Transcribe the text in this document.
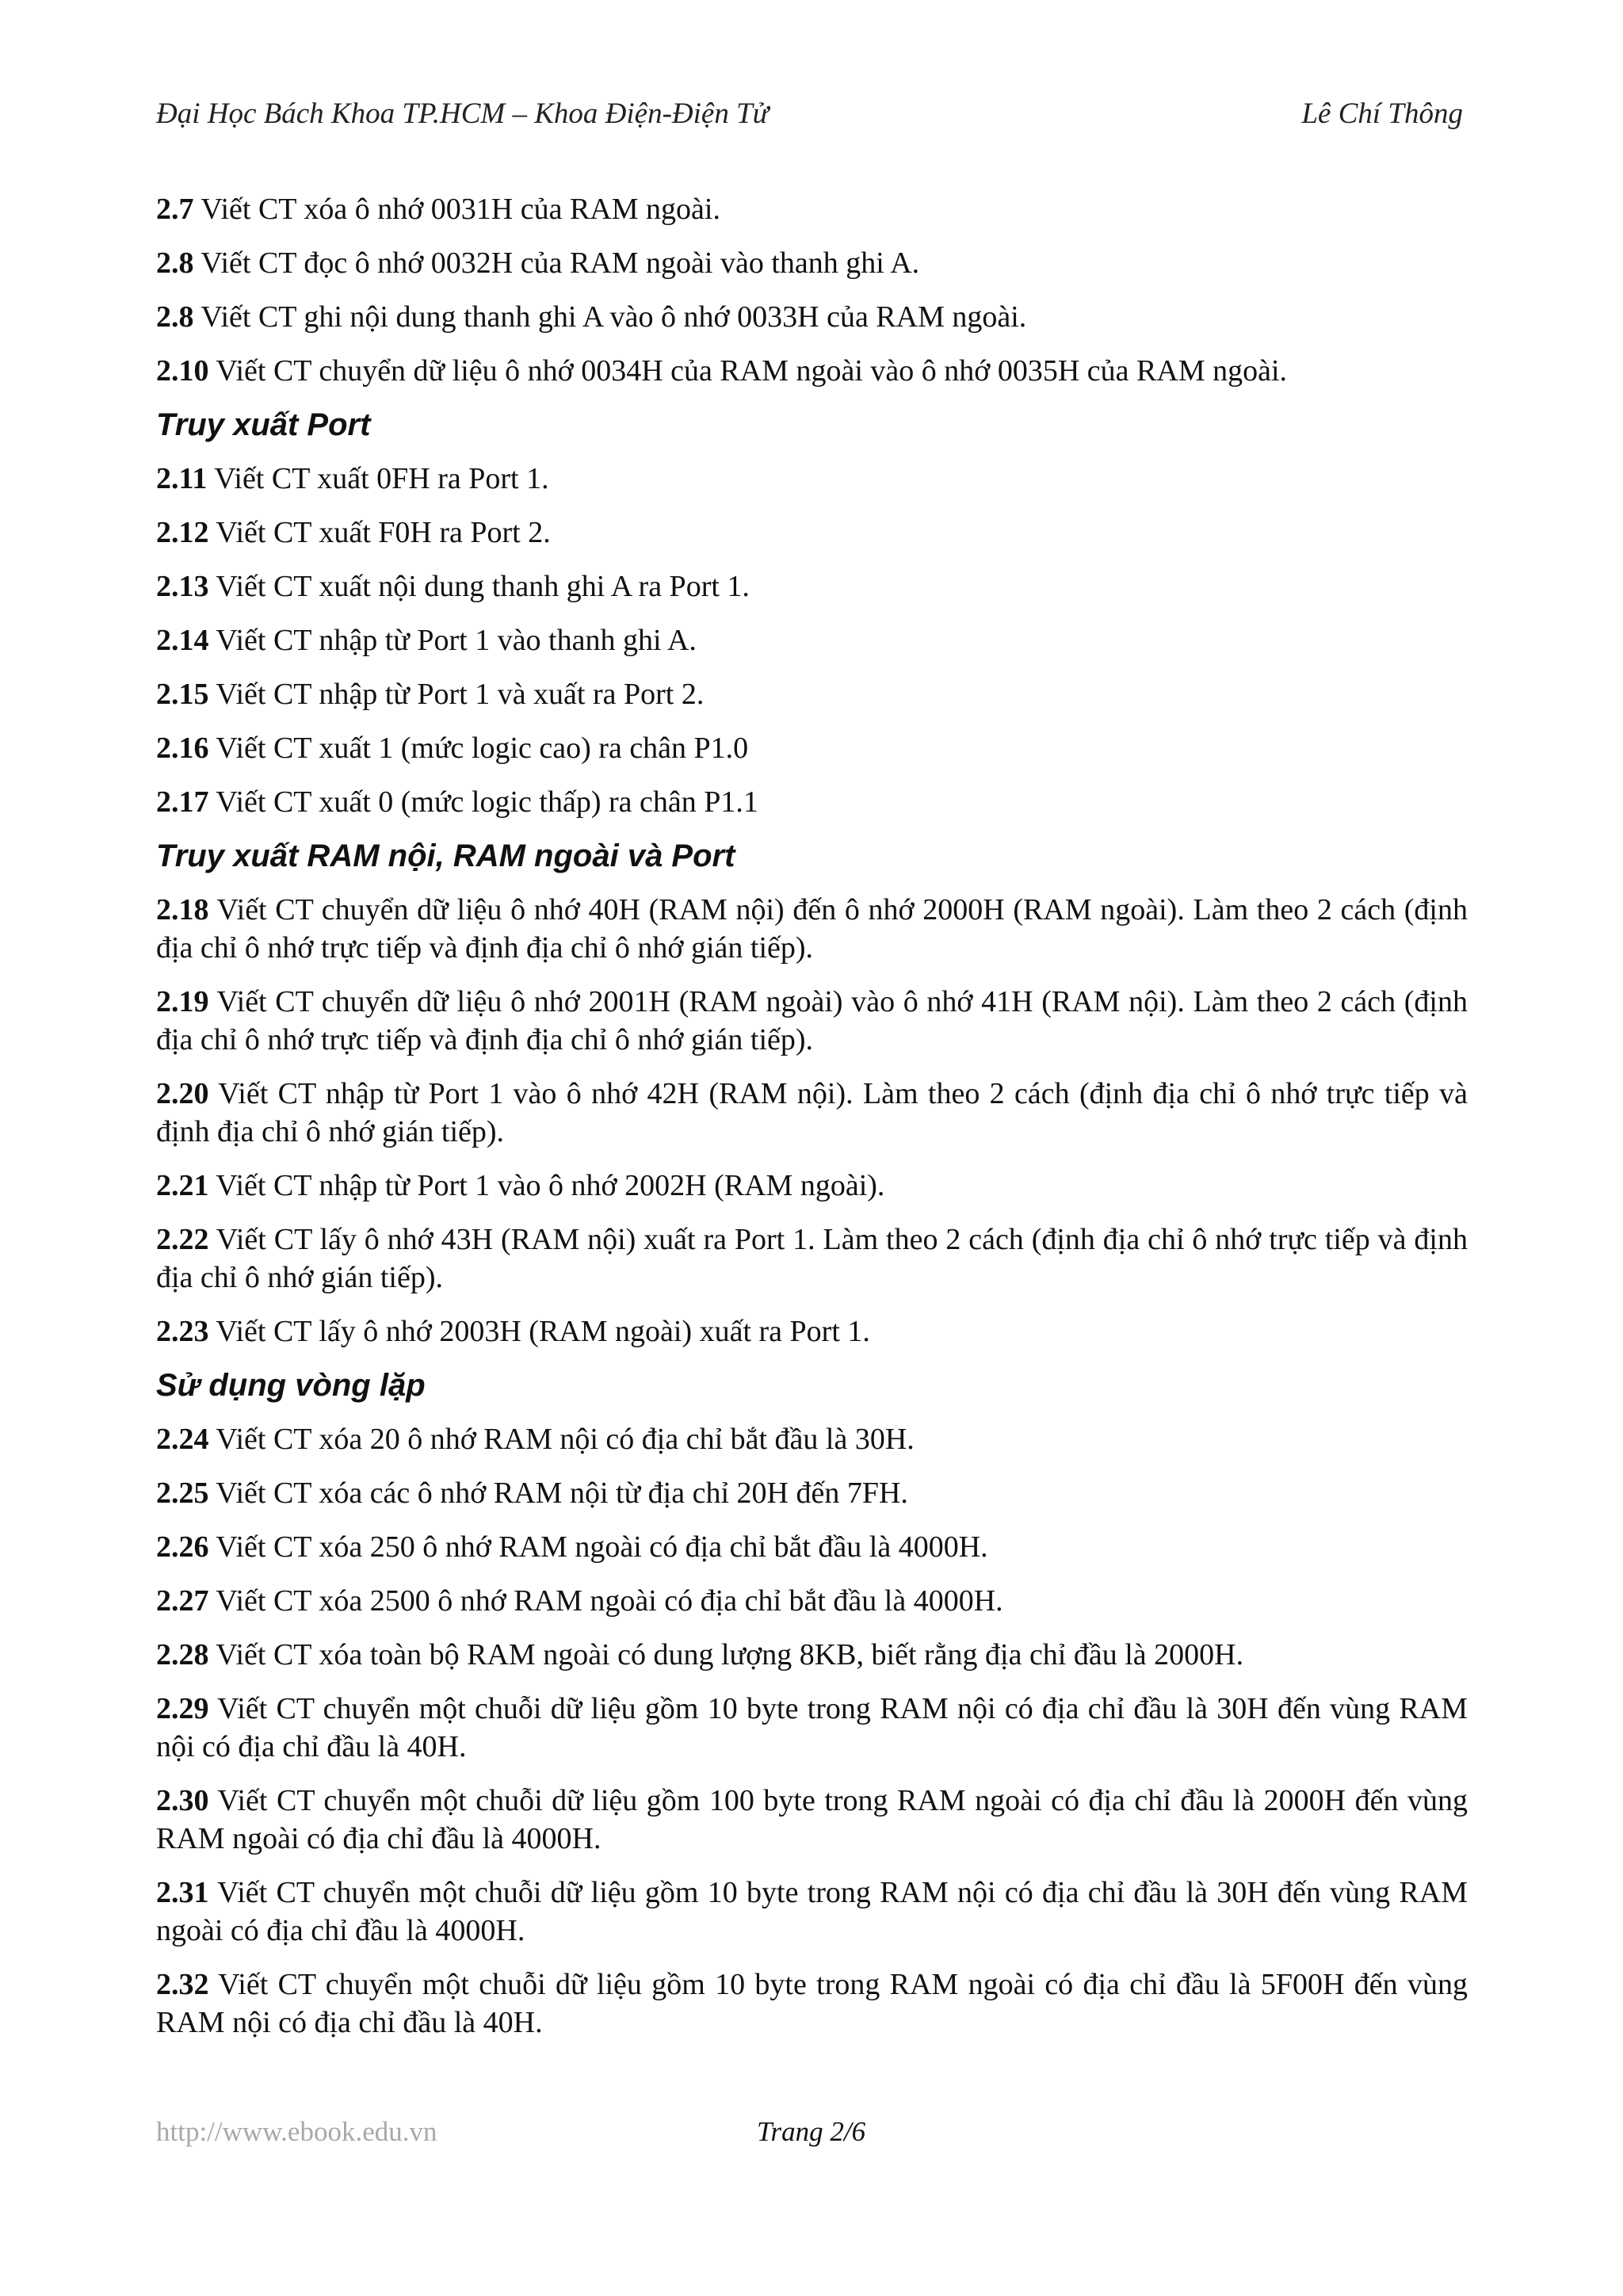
Đại Học Bách Khoa TP.HCM – Khoa Điện-Điện Tử	Lê Chí Thông

2.7 Viết CT xóa ô nhớ 0031H của RAM ngoài.

2.8 Viết CT đọc ô nhớ 0032H của RAM ngoài vào thanh ghi A.

2.8 Viết CT ghi nội dung thanh ghi A vào ô nhớ 0033H của RAM ngoài.

2.10 Viết CT chuyển dữ liệu ô nhớ 0034H của RAM ngoài vào ô nhớ 0035H của RAM ngoài.

Truy xuất Port

2.11 Viết CT xuất 0FH ra Port 1.

2.12 Viết CT xuất F0H ra Port 2.

2.13 Viết CT xuất nội dung thanh ghi A ra Port 1.

2.14 Viết CT nhập từ Port 1 vào thanh ghi A.

2.15 Viết CT nhập từ Port 1 và xuất ra Port 2.

2.16 Viết CT xuất 1 (mức logic cao) ra chân P1.0

2.17 Viết CT xuất 0 (mức logic thấp) ra chân P1.1

Truy xuất RAM nội, RAM ngoài và Port

2.18 Viết CT chuyển dữ liệu ô nhớ 40H (RAM nội) đến ô nhớ 2000H (RAM ngoài). Làm theo 2 cách (định địa chỉ ô nhớ trực tiếp và định địa chỉ ô nhớ gián tiếp).

2.19 Viết CT chuyển dữ liệu ô nhớ 2001H (RAM ngoài) vào ô nhớ 41H (RAM nội). Làm theo 2 cách (định địa chỉ ô nhớ trực tiếp và định địa chỉ ô nhớ gián tiếp).

2.20 Viết CT nhập từ Port 1 vào ô nhớ 42H (RAM nội). Làm theo 2 cách (định địa chỉ ô nhớ trực tiếp và định địa chỉ ô nhớ gián tiếp).

2.21 Viết CT nhập từ Port 1 vào ô nhớ 2002H (RAM ngoài).

2.22 Viết CT lấy ô nhớ 43H (RAM nội) xuất ra Port 1. Làm theo 2 cách (định địa chỉ ô nhớ trực tiếp và định địa chỉ ô nhớ gián tiếp).

2.23 Viết CT lấy ô nhớ 2003H (RAM ngoài) xuất ra Port 1.

Sử dụng vòng lặp

2.24 Viết CT xóa 20 ô nhớ RAM nội có địa chỉ bắt đầu là 30H.

2.25 Viết CT xóa các ô nhớ RAM nội từ địa chỉ 20H đến 7FH.

2.26 Viết CT xóa 250 ô nhớ RAM ngoài có địa chỉ bắt đầu là 4000H.

2.27 Viết CT xóa 2500 ô nhớ RAM ngoài có địa chỉ bắt đầu là 4000H.

2.28 Viết CT xóa toàn bộ RAM ngoài có dung lượng 8KB, biết rằng địa chỉ đầu là 2000H.

2.29 Viết CT chuyển một chuỗi dữ liệu gồm 10 byte trong RAM nội có địa chỉ đầu là 30H đến vùng RAM nội có địa chỉ đầu là 40H.

2.30 Viết CT chuyển một chuỗi dữ liệu gồm 100 byte trong RAM ngoài có địa chỉ đầu là 2000H đến vùng RAM ngoài có địa chỉ đầu là 4000H.

2.31 Viết CT chuyển một chuỗi dữ liệu gồm 10 byte trong RAM nội có địa chỉ đầu là 30H đến vùng RAM ngoài có địa chỉ đầu là 4000H.

2.32 Viết CT chuyển một chuỗi dữ liệu gồm 10 byte trong RAM ngoài có địa chỉ đầu là 5F00H đến vùng RAM nội có địa chỉ đầu là 40H.

http://www.ebook.edu.vn	Trang 2/6
